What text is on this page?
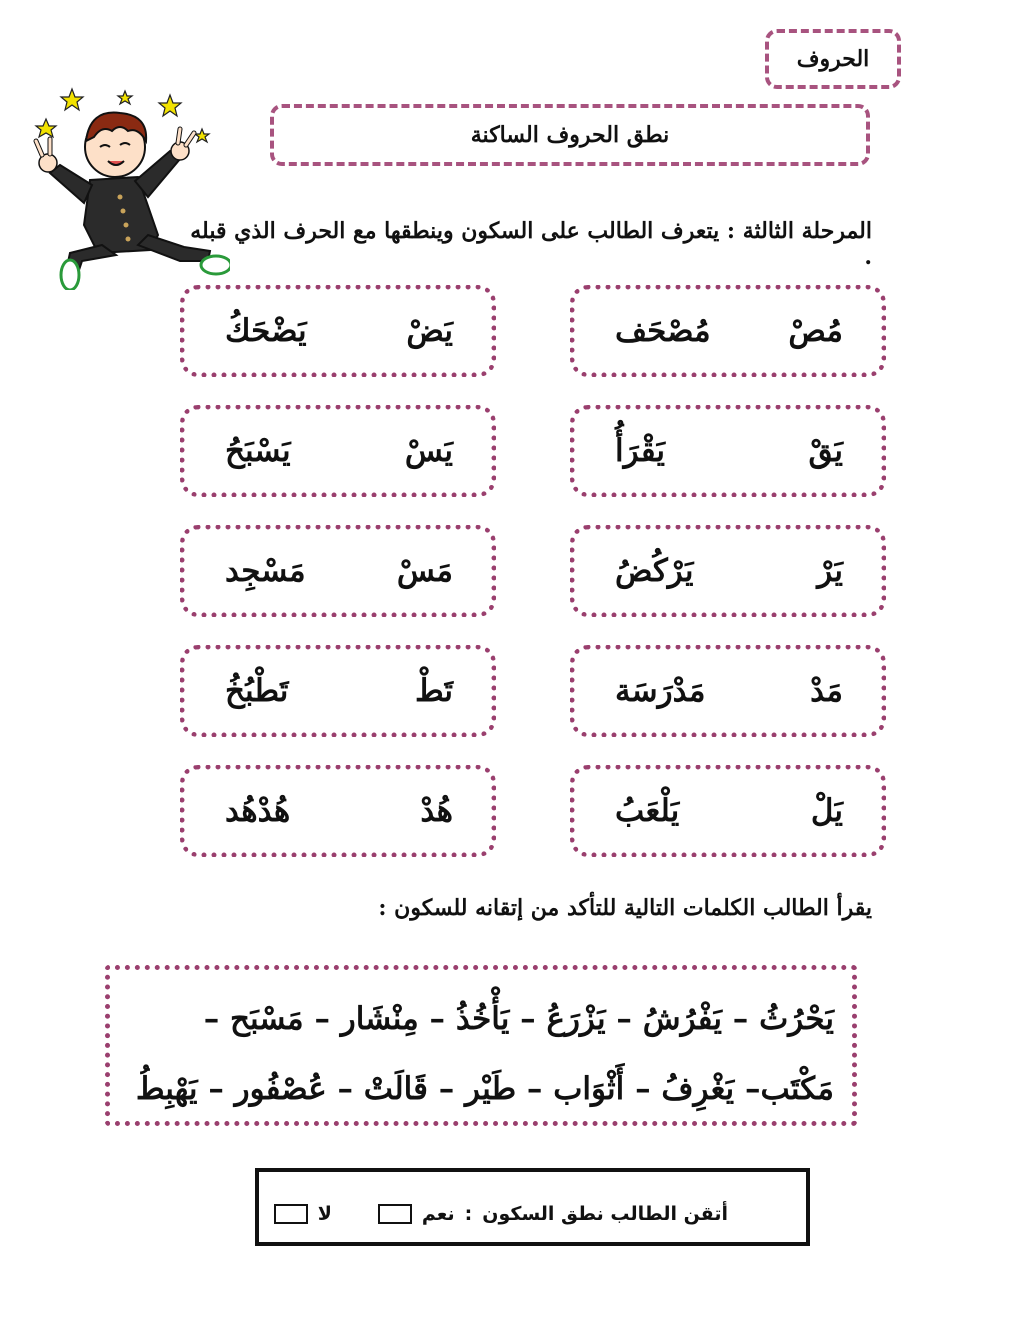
الحروف
نطق الحروف الساكنة
المرحلة الثالثة : يتعرف الطالب على السكون وينطقها مع الحرف الذي قبله .
مُصْحَف	مُصْ
يَضْحَكُ	يَضْ
يَقْرَأُ	يَقْ
يَسْبَحُ	يَسْ
يَرْكُضُ	يَرْ
مَسْجِد	مَسْ
مَدْرَسَة	مَدْ
تَطْبُخُ	تَطْ
يَلْعَبُ	يَلْ
هُدْهُد	هُدْ
يقرأ الطالب الكلمات التالية للتأكد من إتقانه للسكون :
يَحْرُثُ – يَفْرُشُ – يَزْرَعُ – يَأْخُذُ – مِنْشَار – مَسْبَح –
مَكْتَب– يَغْرِفُ – أَثْوَاب – طَيْر – قَالَتْ – عُصْفُور – يَهْبِطُ
أتقن الطالب نطق السكون
:
نعم
لا
